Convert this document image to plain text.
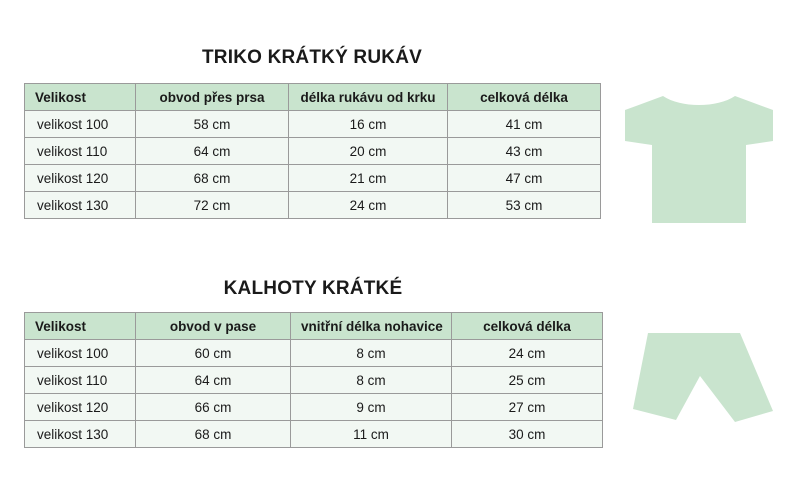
TRIKO KRÁTKÝ RUKÁV
Velikost	obvod přes prsa	délka rukávu od krku	celková délka
velikost 100	58 cm	16 cm	41 cm
velikost 110	64 cm	20 cm	43 cm
velikost 120	68 cm	21 cm	47 cm
velikost 130	72 cm	24 cm	53 cm
KALHOTY KRÁTKÉ
Velikost	obvod v pase	vnitřní délka nohavice	celková délka
velikost 100	60 cm	8 cm	24 cm
velikost 110	64 cm	8 cm	25 cm
velikost 120	66 cm	9 cm	27 cm
velikost 130	68 cm	11 cm	30 cm
